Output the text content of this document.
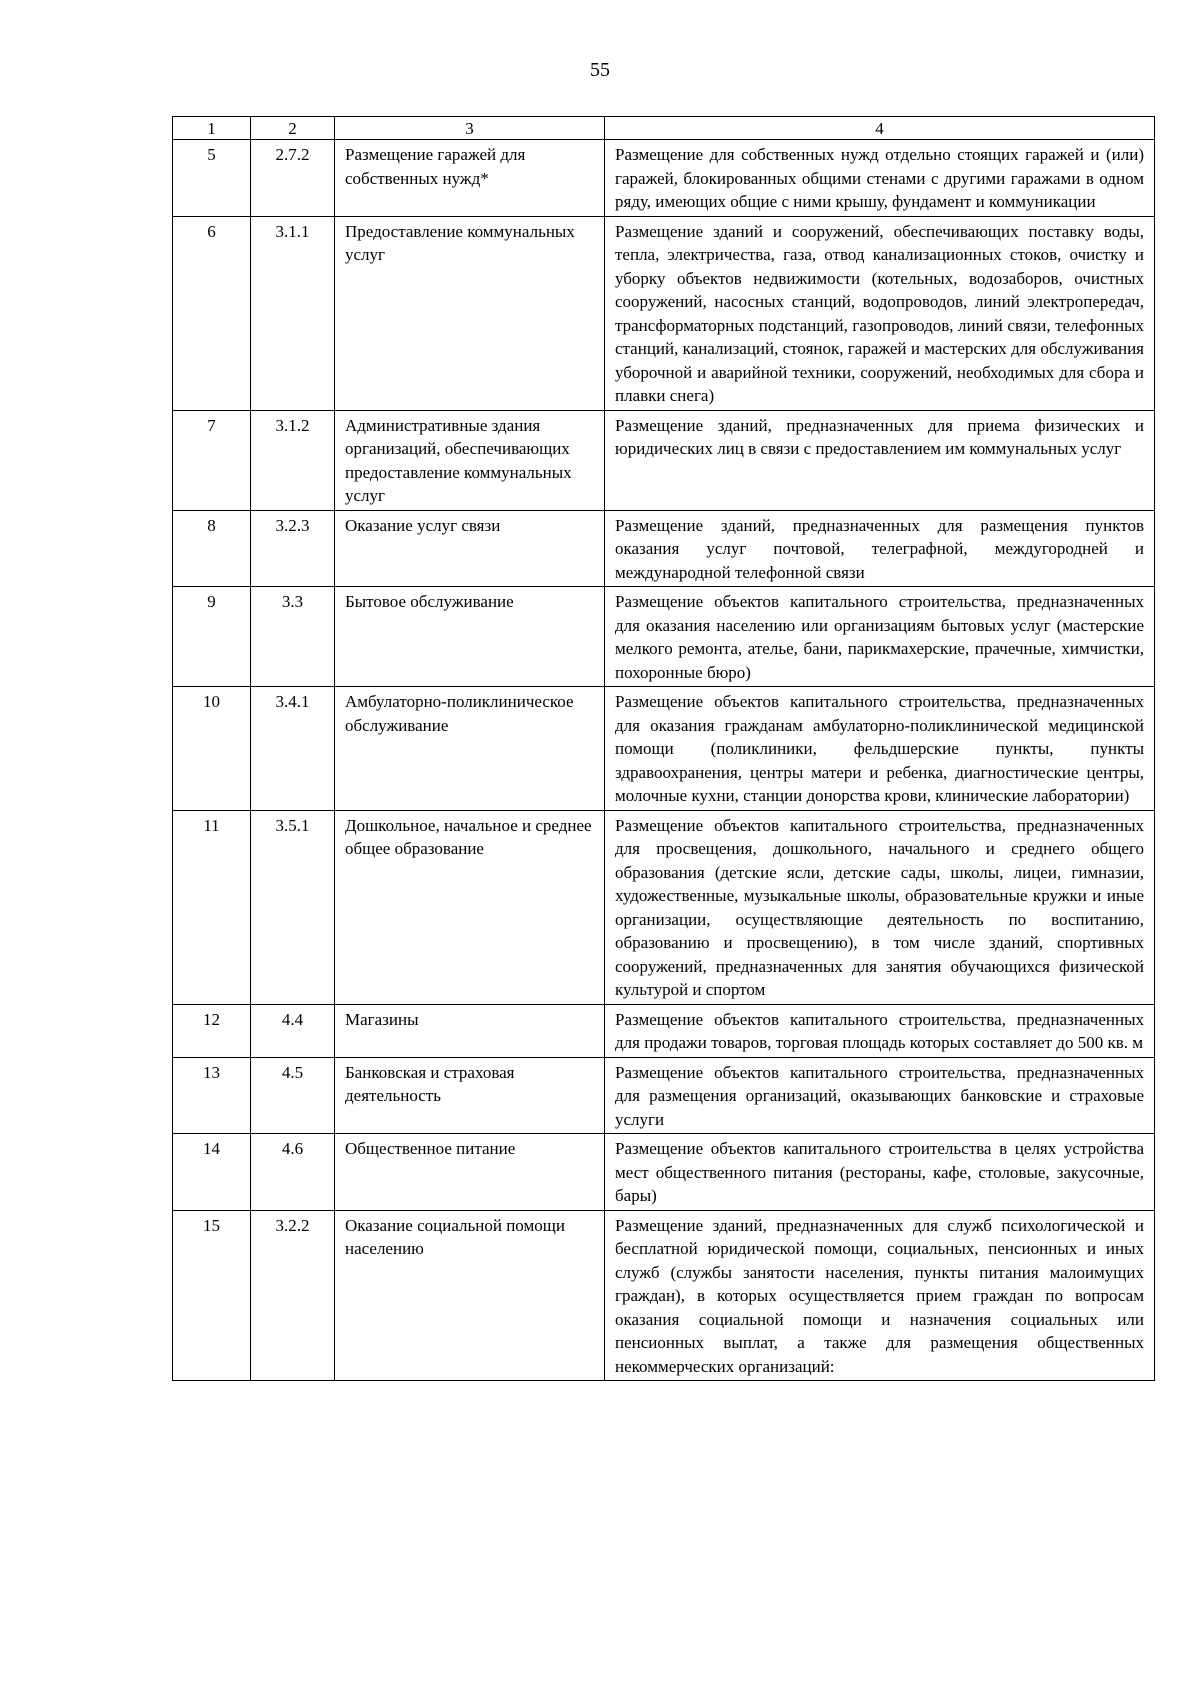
55
1	2	3	4
5	2.7.2	Размещение гаражей для собственных нужд*	Размещение для собственных нужд отдельно стоящих гаражей и (или) гаражей, блокированных общими стенами с другими гаражами в одном ряду, имеющих общие с ними крышу, фундамент и коммуникации
6	3.1.1	Предоставление коммунальных услуг	Размещение зданий и сооружений, обеспечивающих поставку воды, тепла, электричества, газа, отвод канализационных стоков, очистку и уборку объектов недвижимости (котельных, водозаборов, очистных сооружений, насосных станций, водопроводов, линий электропередач, трансформаторных подстанций, газопроводов, линий связи, телефонных станций, канализаций, стоянок, гаражей и мастерских для обслуживания уборочной и аварийной техники, сооружений, необходимых для сбора и плавки снега)
7	3.1.2	Административные здания организаций, обеспечивающих предоставление коммунальных услуг	Размещение зданий, предназначенных для приема физических и юридических лиц в связи с предоставлением им коммунальных услуг
8	3.2.3	Оказание услуг связи	Размещение зданий, предназначенных для размещения пунктов оказания услуг почтовой, телеграфной, междугородней и международной телефонной связи
9	3.3	Бытовое обслуживание	Размещение объектов капитального строительства, предназначенных для оказания населению или организациям бытовых услуг (мастерские мелкого ремонта, ателье, бани, парикмахерские, прачечные, химчистки, похоронные бюро)
10	3.4.1	Амбулаторно-поликлиническое обслуживание	Размещение объектов капитального строительства, предназначенных для оказания гражданам амбулаторно-поликлинической медицинской помощи (поликлиники, фельдшерские пункты, пункты здравоохранения, центры матери и ребенка, диагностические центры, молочные кухни, станции донорства крови, клинические лаборатории)
11	3.5.1	Дошкольное, начальное и среднее общее образование	Размещение объектов капитального строительства, предназначенных для просвещения, дошкольного, начального и среднего общего образования (детские ясли, детские сады, школы, лицеи, гимназии, художественные, музыкальные школы, образовательные кружки и иные организации, осуществляющие деятельность по воспитанию, образованию и просвещению), в том числе зданий, спортивных сооружений, предназначенных для занятия обучающихся физической культурой и спортом
12	4.4	Магазины	Размещение объектов капитального строительства, предназначенных для продажи товаров, торговая площадь которых составляет до 500 кв. м
13	4.5	Банковская и страховая деятельность	Размещение объектов капитального строительства, предназначенных для размещения организаций, оказывающих банковские и страховые услуги
14	4.6	Общественное питание	Размещение объектов капитального строительства в целях устройства мест общественного питания (рестораны, кафе, столовые, закусочные, бары)
15	3.2.2	Оказание социальной помощи населению	Размещение зданий, предназначенных для служб психологической и бесплатной юридической помощи, социальных, пенсионных и иных служб (службы занятости населения, пункты питания малоимущих граждан), в которых осуществляется прием граждан по вопросам оказания социальной помощи и назначения социальных или пенсионных выплат, а также для размещения общественных некоммерческих организаций:
